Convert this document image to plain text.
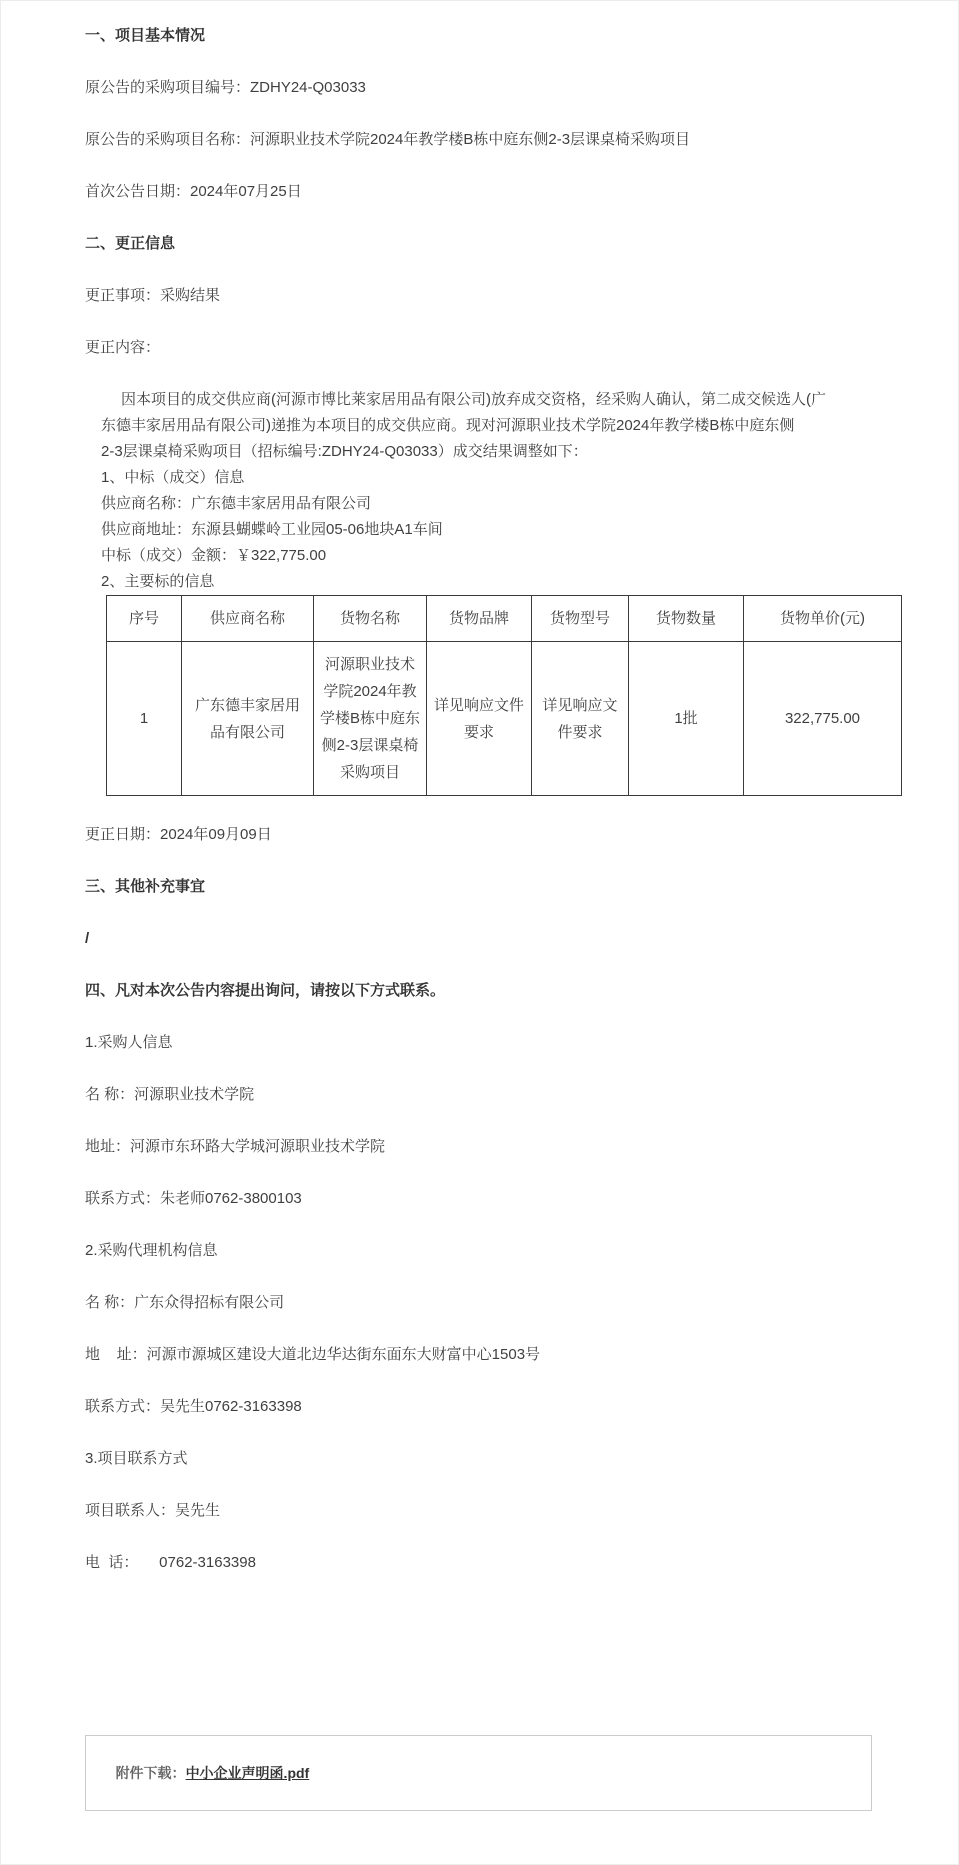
一、项目基本情况

原公告的采购项目编号：ZDHY24-Q03033

原公告的采购项目名称：河源职业技术学院2024年教学楼B栋中庭东侧2-3层课桌椅采购项目

首次公告日期：2024年07月25日

二、更正信息

更正事项：采购结果

更正内容：

因本项目的成交供应商(河源市博比莱家居用品有限公司)放弃成交资格，经采购人确认，第二成交候选人(广
东德丰家居用品有限公司)递推为本项目的成交供应商。现对河源职业技术学院2024年教学楼B栋中庭东侧
2-3层课桌椅采购项目（招标编号:ZDHY24-Q03033）成交结果调整如下：
1、中标（成交）信息
供应商名称：广东德丰家居用品有限公司
供应商地址：东源县蝴蝶岭工业园05-06地块A1车间
中标（成交）金额：￥322,775.00
2、主要标的信息
序号	供应商名称	货物名称	货物品牌	货物型号	货物数量	货物单价(元)
1	广东德丰家居用品有限公司	河源职业技术学院2024年教学楼B栋中庭东侧2-3层课桌椅采购项目	详见响应文件要求	详见响应文件要求	1批	322,775.00

更正日期：2024年09月09日

三、其他补充事宜

/

四、凡对本次公告内容提出询问，请按以下方式联系。

1.采购人信息

名 称：河源职业技术学院

地址：河源市东环路大学城河源职业技术学院

联系方式：朱老师0762-3800103

2.采购代理机构信息

名 称：广东众得招标有限公司

地    址：河源市源城区建设大道北边华达街东面东大财富中心1503号

联系方式：吴先生0762-3163398

3.项目联系方式

项目联系人：吴先生

电  话：     0762-3163398

附件下载：中小企业声明函.pdf
